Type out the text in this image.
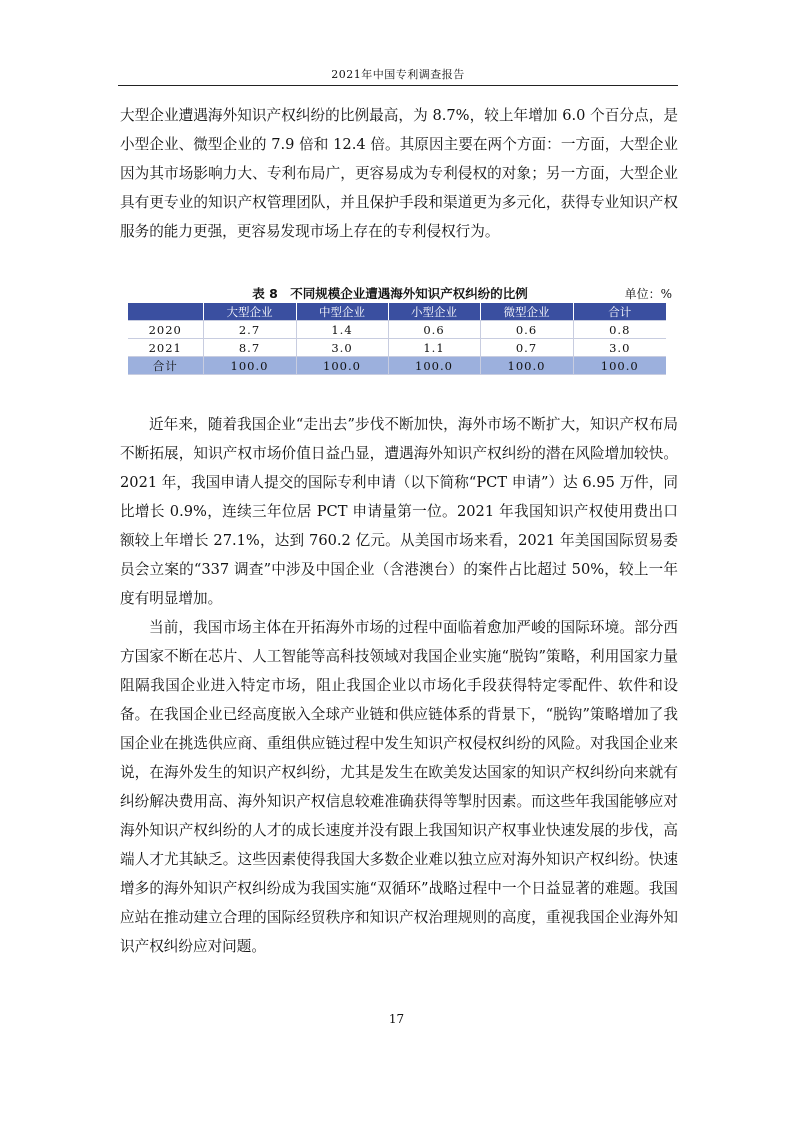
2021年中国专利调查报告

大型企业遭遇海外知识产权纠纷的比例最高，为 8.7%，较上年增加 6.0 个百分点，是小型企业、微型企业的 7.9 倍和 12.4 倍。其原因主要在两个方面：一方面，大型企业因为其市场影响力大、专利布局广，更容易成为专利侵权的对象；另一方面，大型企业具有更专业的知识产权管理团队，并且保护手段和渠道更为多元化，获得专业知识产权服务的能力更强，更容易发现市场上存在的专利侵权行为。

表 8　不同规模企业遭遇海外知识产权纠纷的比例	单位：%
	大型企业	中型企业	小型企业	微型企业	合计
2020	2.7	1.4	0.6	0.6	0.8
2021	8.7	3.0	1.1	0.7	3.0
合计	100.0	100.0	100.0	100.0	100.0

近年来，随着我国企业“走出去”步伐不断加快，海外市场不断扩大，知识产权布局不断拓展，知识产权市场价值日益凸显，遭遇海外知识产权纠纷的潜在风险增加较快。2021 年，我国申请人提交的国际专利申请（以下简称“PCT 申请”）达 6.95 万件，同比增长 0.9%，连续三年位居 PCT 申请量第一位。2021 年我国知识产权使用费出口额较上年增长 27.1%，达到 760.2 亿元。从美国市场来看，2021 年美国国际贸易委员会立案的“337 调查”中涉及中国企业（含港澳台）的案件占比超过 50%，较上一年度有明显增加。

当前，我国市场主体在开拓海外市场的过程中面临着愈加严峻的国际环境。部分西方国家不断在芯片、人工智能等高科技领域对我国企业实施“脱钩”策略，利用国家力量阻隔我国企业进入特定市场，阻止我国企业以市场化手段获得特定零配件、软件和设备。在我国企业已经高度嵌入全球产业链和供应链体系的背景下，“脱钩”策略增加了我国企业在挑选供应商、重组供应链过程中发生知识产权侵权纠纷的风险。对我国企业来说，在海外发生的知识产权纠纷，尤其是发生在欧美发达国家的知识产权纠纷向来就有纠纷解决费用高、海外知识产权信息较难准确获得等掣肘因素。而这些年我国能够应对海外知识产权纠纷的人才的成长速度并没有跟上我国知识产权事业快速发展的步伐，高端人才尤其缺乏。这些因素使得我国大多数企业难以独立应对海外知识产权纠纷。快速增多的海外知识产权纠纷成为我国实施“双循环”战略过程中一个日益显著的难题。我国应站在推动建立合理的国际经贸秩序和知识产权治理规则的高度，重视我国企业海外知识产权纠纷应对问题。

17
